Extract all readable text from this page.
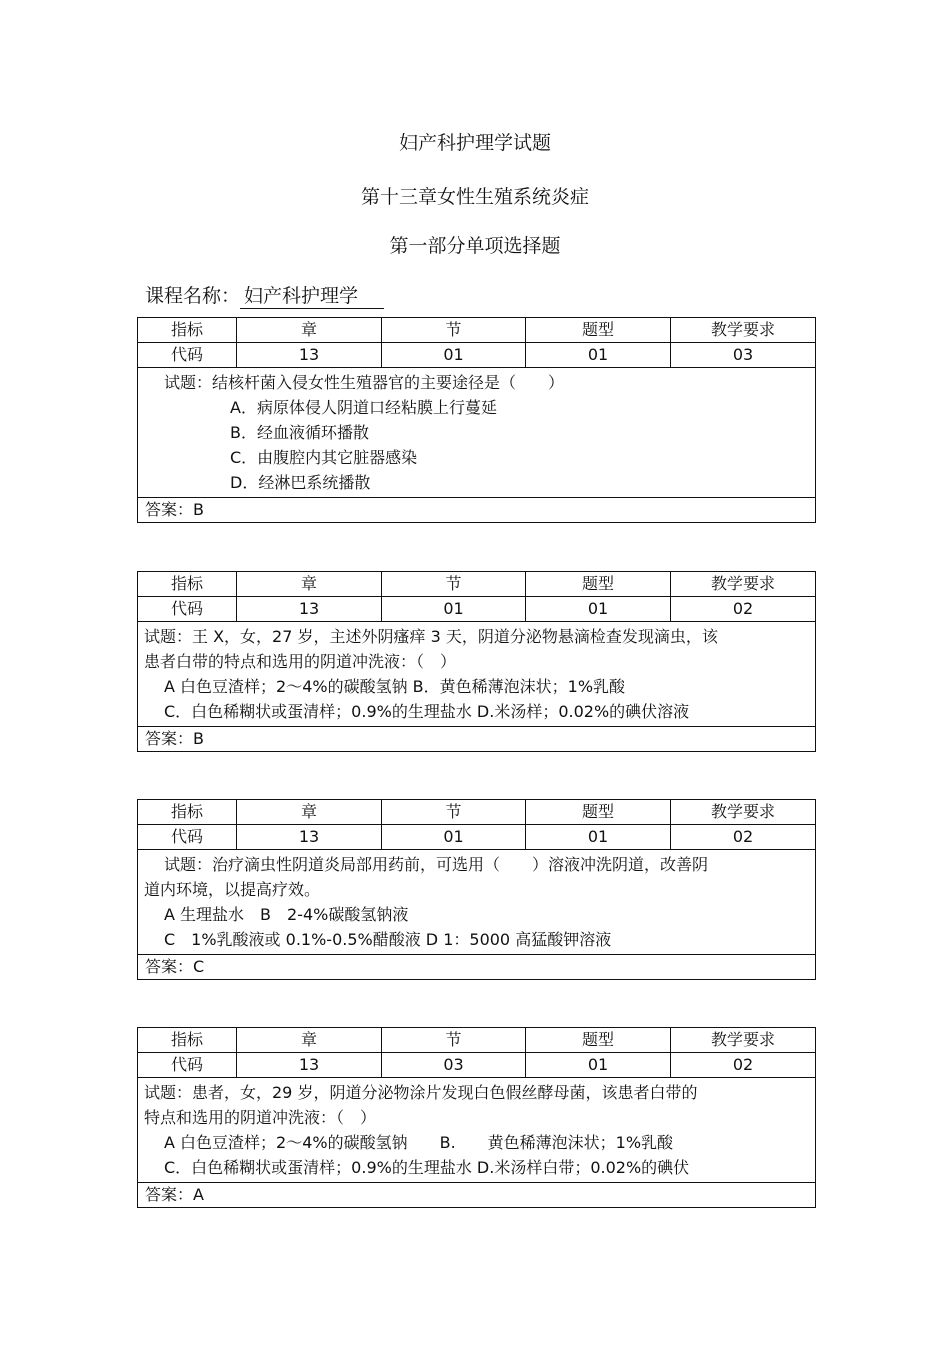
妇产科护理学试题
第十三章女性生殖系统炎症
第一部分单项选择题
课程名称： 妇产科护理学
指标	章	节	题型	教学要求
代码	13	01	01	03

试题：结核杆菌入侵女性生殖器官的主要途径是（　　）
A．病原体侵人阴道口经粘膜上行蔓延
B．经血液循环播散
C．由腹腔内其它脏器感染
D．经淋巴系统播散				

答案：B				
指标	章	节	题型	教学要求
代码	13	01	01	02

试题：王 X，女，27 岁，主述外阴瘙痒 3 天，阴道分泌物悬滴检查发现滴虫，该
患者白带的特点和选用的阴道冲洗液：（　）
A 白色豆渣样；2～4%的碳酸氢钠 B．黄色稀薄泡沫状；1%乳酸
C．白色稀糊状或蛋清样；0.9%的生理盐水 D.米汤样；0.02%的碘伏溶液				

答案：B				
指标	章	节	题型	教学要求
代码	13	01	01	02

试题：治疗滴虫性阴道炎局部用药前，可选用（　　）溶液冲洗阴道，改善阴
道内环境，以提高疗效。
A 生理盐水　B　2-4%碳酸氢钠液
C　1%乳酸液或 0.1%-0.5%醋酸液 D 1：5000 高猛酸钾溶液				

答案：C				
指标	章	节	题型	教学要求
代码	13	03	01	02

试题：患者，女，29 岁，阴道分泌物涂片发现白色假丝酵母菌，该患者白带的
特点和选用的阴道冲洗液：（　）
A 白色豆渣样；2～4%的碳酸氢钠　　B.　　黄色稀薄泡沫状；1%乳酸
C．白色稀糊状或蛋清样；0.9%的生理盐水 D.米汤样白带；0.02%的碘伏				

答案：A				
